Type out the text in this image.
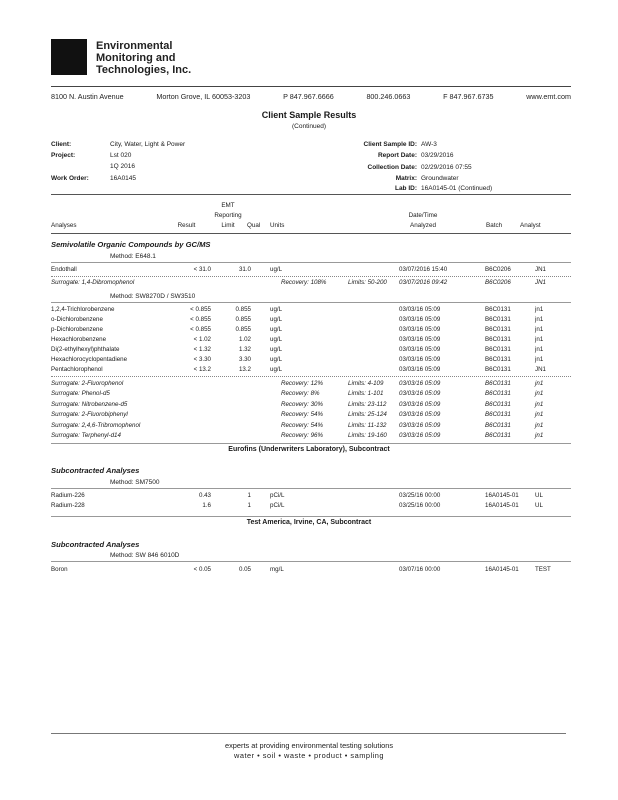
Environmental
Monitoring and
Technologies, Inc.
8100 N. Austin Avenue	Morton Grove, IL 60053-3203	P 847.967.6666	800.246.0663	F 847.967.6735	www.emt.com
Client Sample Results
(Continued)
Client:	City, Water, Light & Power
Project:	Lst 020
1Q 2016
Work Order:	16A0145
Client Sample ID: AW-3
Report Date: 03/29/2016
Collection Date: 02/29/2016 07:55
Matrix: Groundwater
Lab ID: 16A0145-01 (Continued)
Analyses	Result
EMT
Reporting
Limit	Qual Units
Date/Time
Analyzed	Batch	Analyst
Semivolatile Organic Compounds by GC/MS
Method: E648.1
Endothall	< 31.0	31.0	ug/L	03/07/2016 15:40	B6C0206	JN1
Surrogate: 1,4-Dibromophenol	Recovery: 108%	Limits: 50-200 03/07/2016 09:42	B6C0206	JN1
Method: SW8270D / SW3510
1,2,4-Trichlorobenzene	< 0.855	0.855	ug/L	03/03/16 05:09	B6C0131	jn1
o-Dichlorobenzene	< 0.855	0.855	ug/L	03/03/16 05:09	B6C0131	jn1
p-Dichlorobenzene	< 0.855	0.855	ug/L	03/03/16 05:09	B6C0131	jn1
Hexachlorobenzene	< 1.02	1.02	ug/L	03/03/16 05:09	B6C0131	jn1
Di(2-ethylhexyl)phthalate	< 1.32	1.32	ug/L	03/03/16 05:09	B6C0131	jn1
Hexachlorocyclopentadiene	< 3.30	3.30	ug/L	03/03/16 05:09	B6C0131	jn1
Pentachlorophenol	< 13.2	13.2	ug/L	03/03/16 05:09	B6C0131	JN1
Surrogate: 2-Fluorophenol	Recovery: 12%	Limits: 4-109	03/03/16 05:09	B6C0131	jn1
Surrogate: Phenol-d5	Recovery: 8%	Limits: 1-101	03/03/16 05:09	B6C0131	jn1
Surrogate: Nitrobenzene-d5	Recovery: 30%	Limits: 23-112 03/03/16 05:09	B6C0131	jn1
Surrogate: 2-Fluorobiphenyl	Recovery: 54%	Limits: 25-124 03/03/16 05:09	B6C0131	jn1
Surrogate: 2,4,6-Tribromophenol	Recovery: 54%	Limits: 11-132 03/03/16 05:09	B6C0131	jn1
Surrogate: Terphenyl-d14	Recovery: 96%	Limits: 19-160 03/03/16 05:09	B6C0131	jn1
Eurofins (Underwriters Laboratory), Subcontract
Subcontracted Analyses
Method: SM7500
Radium-226	0.43	1	pCi/L	03/25/16 00:00	16A0145-01	UL
Radium-228	1.6	1	pCi/L	03/25/16 00:00	16A0145-01	UL
Test America, Irvine, CA, Subcontract
Subcontracted Analyses
Method: SW 846 6010D
Boron	< 0.05	0.05	mg/L	03/07/16 00:00	16A0145-01	TEST
experts at providing environmental testing solutions
water • soil • waste • product • sampling
